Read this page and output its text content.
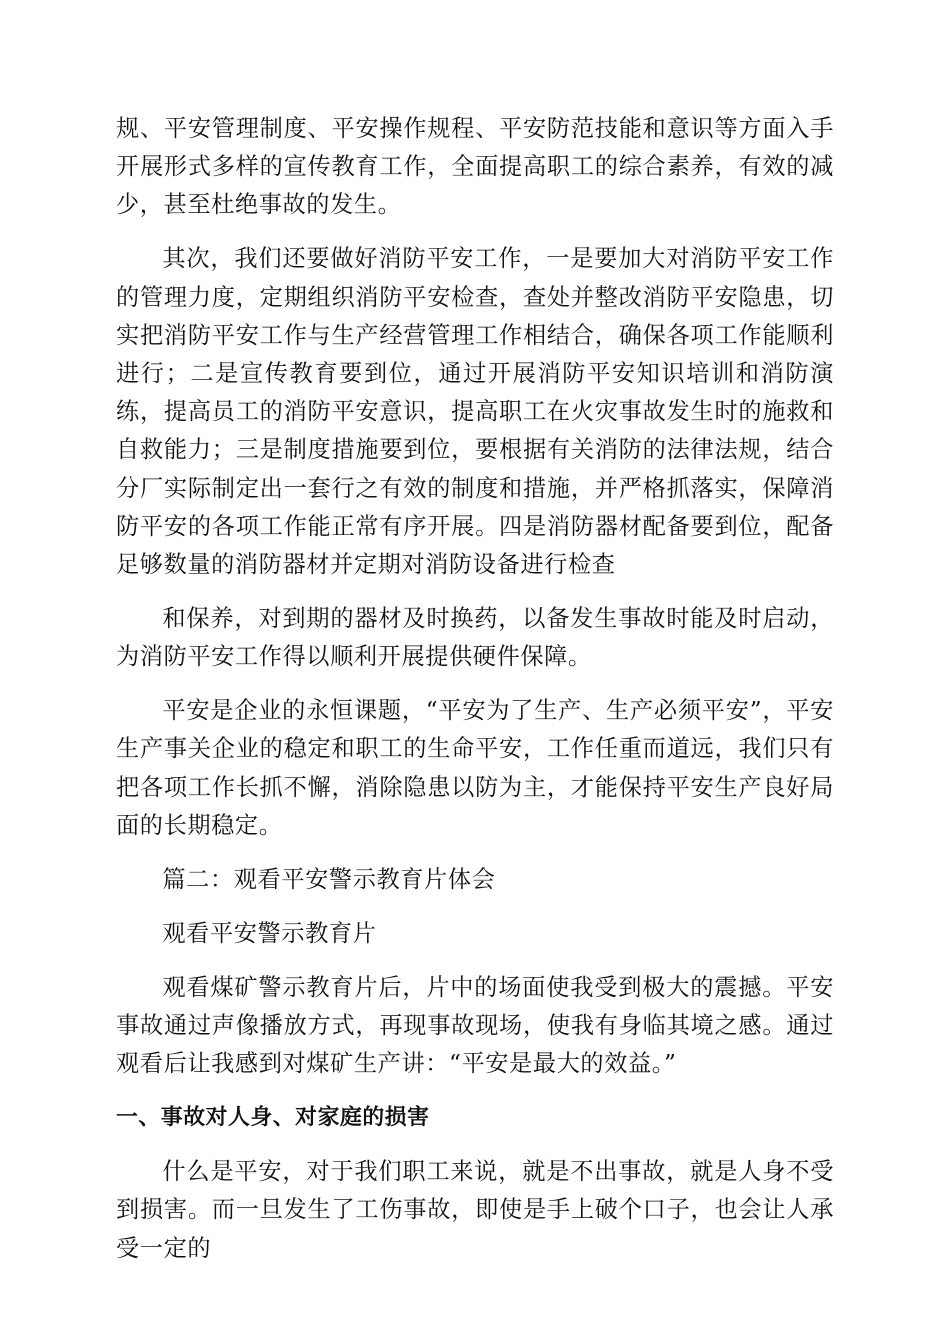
规、平安管理制度、平安操作规程、平安防范技能和意识等方面入手开展形式多样的宣传教育工作，全面提高职工的综合素养，有效的减少，甚至杜绝事故的发生。

其次，我们还要做好消防平安工作，一是要加大对消防平安工作的管理力度，定期组织消防平安检查，查处并整改消防平安隐患，切实把消防平安工作与生产经营管理工作相结合，确保各项工作能顺利进行；二是宣传教育要到位，通过开展消防平安知识培训和消防演练，提高员工的消防平安意识，提高职工在火灾事故发生时的施救和自救能力；三是制度措施要到位，要根据有关消防的法律法规，结合分厂实际制定出一套行之有效的制度和措施，并严格抓落实，保障消防平安的各项工作能正常有序开展。四是消防器材配备要到位，配备足够数量的消防器材并定期对消防设备进行检查

和保养，对到期的器材及时换药，以备发生事故时能及时启动，为消防平安工作得以顺利开展提供硬件保障。

平安是企业的永恒课题，“平安为了生产、生产必须平安”，平安生产事关企业的稳定和职工的生命平安，工作任重而道远，我们只有把各项工作长抓不懈，消除隐患以防为主，才能保持平安生产良好局面的长期稳定。

篇二：观看平安警示教育片体会

观看平安警示教育片

观看煤矿警示教育片后，片中的场面使我受到极大的震撼。平安事故通过声像播放方式，再现事故现场，使我有身临其境之感。通过观看后让我感到对煤矿生产讲：“平安是最大的效益。”

一、事故对人身、对家庭的损害

什么是平安，对于我们职工来说，就是不出事故，就是人身不受到损害。而一旦发生了工伤事故，即使是手上破个口子，也会让人承受一定的
